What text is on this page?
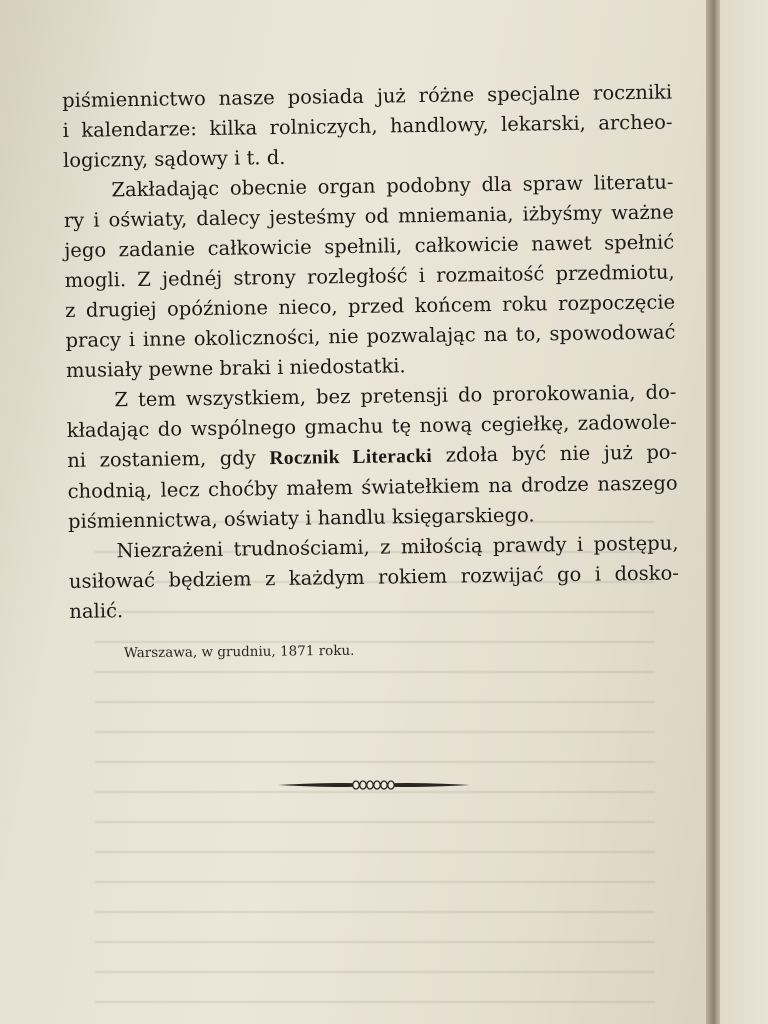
piśmiennictwo nasze posiada już różne specjalne roczniki
i kalendarze: kilka rolniczych, handlowy, lekarski, archeo-
logiczny, sądowy i t. d.
Zakładając obecnie organ podobny dla spraw literatu-
ry i oświaty, dalecy jesteśmy od mniemania, iżbyśmy ważne
jego zadanie całkowicie spełnili, całkowicie nawet spełnić
mogli. Z jednéj strony rozległość i rozmaitość przedmiotu,
z drugiej opóźnione nieco, przed końcem roku rozpoczęcie
pracy i inne okoliczności, nie pozwalając na to, spowodować
musiały pewne braki i niedostatki.
Z tem wszystkiem, bez pretensji do prorokowania, do-
kładając do wspólnego gmachu tę nową cegiełkę, zadowole-
ni zostaniem, gdy Rocznik Literacki zdoła być nie już po-
chodnią, lecz choćby małem światełkiem na drodze naszego
piśmiennictwa, oświaty i handlu księgarskiego.
Niezrażeni trudnościami, z miłością prawdy i postępu,
usiłować będziem z każdym rokiem rozwijać go i dosko-
nalić.
Warszawa, w grudniu, 1871 roku.
